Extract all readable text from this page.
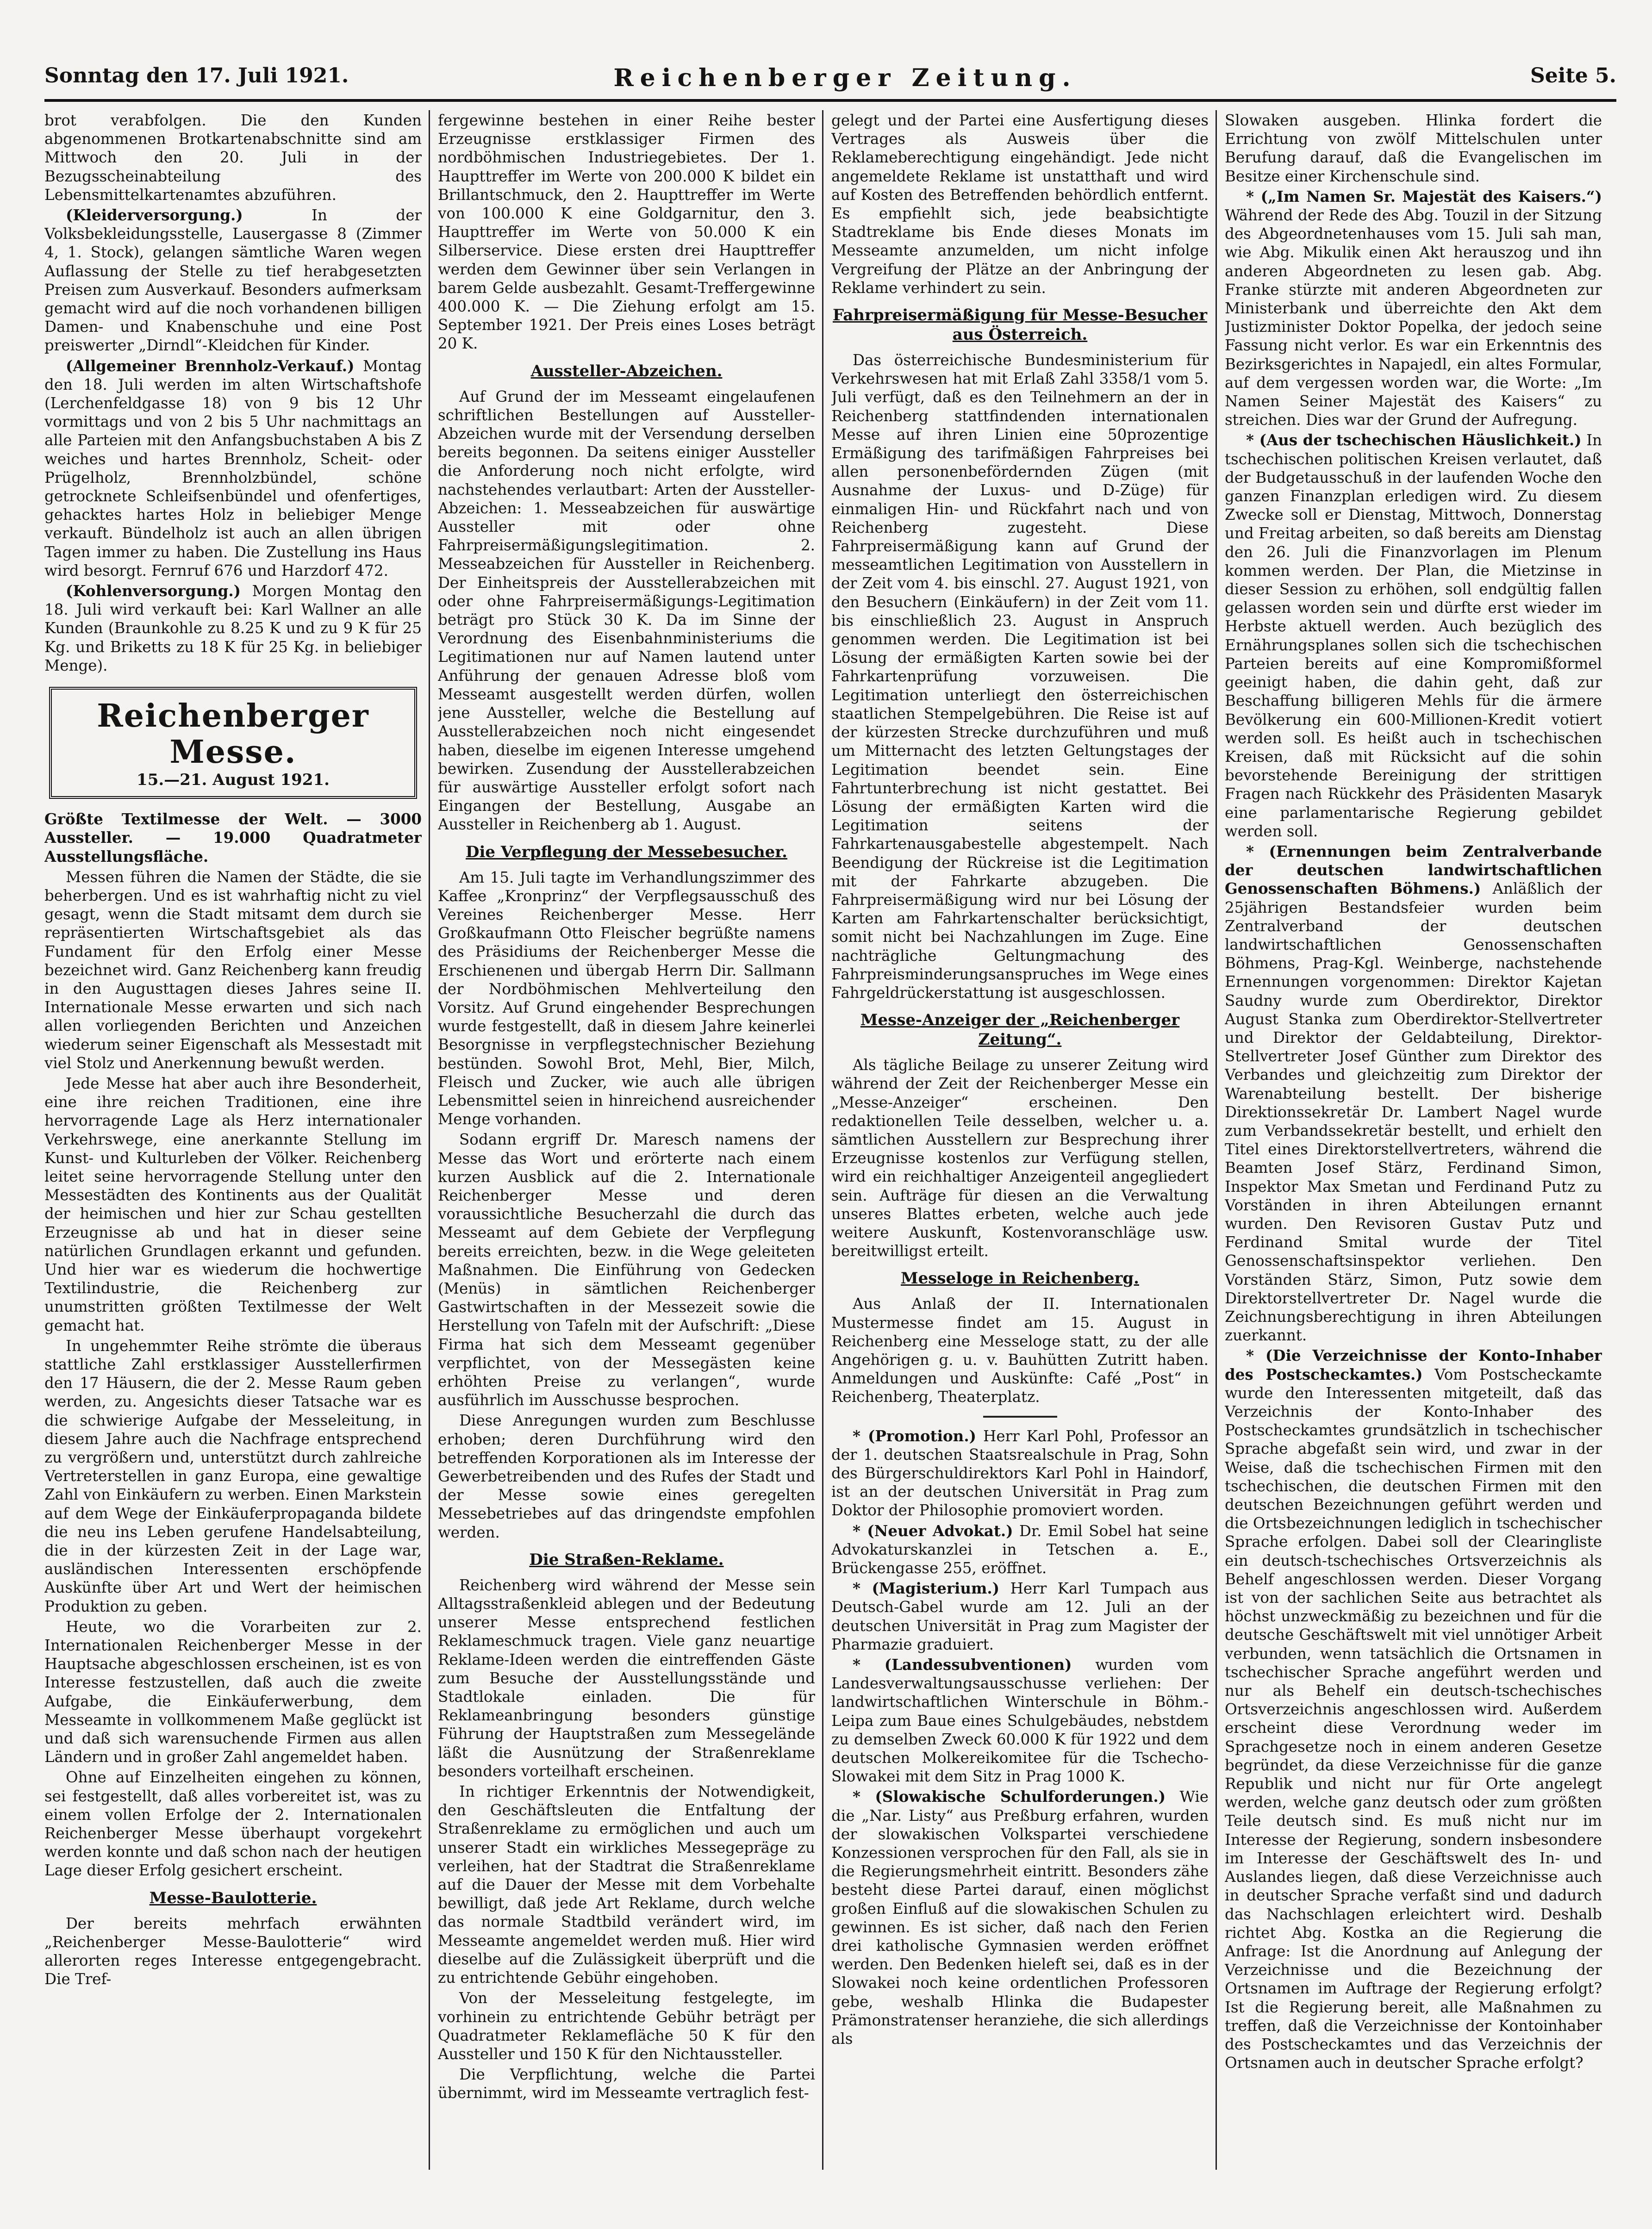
Sonntag den 17. Juli 1921.	Reichenberger Zeitung.	Seite 5.

brot verabfolgen. Die den Kunden abgenommenen Brotkartenabschnitte sind am Mittwoch den 20. Juli in der Bezugsscheinabteilung des Lebensmittelkartenamtes abzuführen.

(Kleiderversorgung.)	In der Volksbekleidungsstelle, Lausergasse 8 (Zimmer 4, 1. Stock), gelangen sämtliche Waren wegen Auflassung der Stelle zu tief herabgesetzten Preisen zum Ausverkauf. Besonders aufmerksam gemacht wird auf die noch vorhandenen billigen Damen- und Knabenschuhe und eine Post preiswerter „Dirndl“-Kleidchen für Kinder.

(Allgemeiner Brennholz-Verkauf.) Montag den 18. Juli werden im alten Wirtschaftshofe (Lerchenfeldgasse 18) von 9 bis 12 Uhr vormittags und von 2 bis 5 Uhr nachmittags an alle Parteien mit den Anfangsbuchstaben A bis Z weiches und hartes Brennholz, Scheit- oder Prügelholz, Brennholzbündel, schöne getrocknete Schleifsenbündel und ofenfertiges, gehacktes hartes Holz in beliebiger Menge verkauft. Bündelholz ist auch an allen übrigen Tagen immer zu haben. Die Zustellung ins Haus wird besorgt. Fernruf 676 und Harzdorf 472.

(Kohlenversorgung.) Morgen Montag den 18. Juli wird verkauft bei: Karl Wallner an alle Kunden (Braunkohle zu 8.25 K und zu 9 K für 25 Kg. und Briketts zu 18 K für 25 Kg. in beliebiger Menge).

Reichenberger Messe.
15.—21. August 1921.

Größte Textilmesse der Welt. — 3000 Aussteller. — 19.000 Quadratmeter Ausstellungsfläche.

Messen führen die Namen der Städte, die sie beherbergen. Und es ist wahrhaftig nicht zu viel gesagt, wenn die Stadt mitsamt dem durch sie repräsentierten Wirtschaftsgebiet als das Fundament für den Erfolg einer Messe bezeichnet wird. Ganz Reichenberg kann freudig in den Augusttagen dieses Jahres seine II. Internationale Messe erwarten und sich nach allen vorliegenden Berichten und Anzeichen wiederum seiner Eigenschaft als Messestadt mit viel Stolz und Anerkennung bewußt werden.

Jede Messe hat aber auch ihre Besonderheit, eine ihre reichen Traditionen, eine ihre hervorragende Lage als Herz internationaler Verkehrswege, eine anerkannte Stellung im Kunst- und Kulturleben der Völker. Reichenberg leitet seine hervorragende Stellung unter den Messestädten des Kontinents aus der Qualität der heimischen und hier zur Schau gestellten Erzeugnisse ab und hat in dieser seine natürlichen Grundlagen erkannt und gefunden. Und hier war es wiederum die hochwertige Textilindustrie, die Reichenberg zur unumstritten größten Textilmesse der Welt gemacht hat.

In ungehemmter Reihe strömte die überaus stattliche Zahl erstklassiger Ausstellerfirmen den 17 Häusern, die der 2. Messe Raum geben werden, zu. Angesichts dieser Tatsache war es die schwierige Aufgabe der Messeleitung, in diesem Jahre auch die Nachfrage entsprechend zu vergrößern und, unterstützt durch zahlreiche Vertreterstellen in ganz Europa, eine gewaltige Zahl von Einkäufern zu werben. Einen Markstein auf dem Wege der Einkäuferpropaganda bildete die neu ins Leben gerufene Handelsabteilung, die in der kürzesten Zeit in der Lage war, ausländischen Interessenten erschöpfende Auskünfte über Art und Wert der heimischen Produktion zu geben.

Heute, wo die Vorarbeiten zur 2. Internationalen Reichenberger Messe in der Hauptsache abgeschlossen erscheinen, ist es von Interesse festzustellen, daß auch die zweite Aufgabe, die Einkäuferwerbung, dem Messeamte in vollkommenem Maße geglückt ist und daß sich warensuchende Firmen aus allen Ländern und in großer Zahl angemeldet haben.

Ohne auf Einzelheiten eingehen zu können, sei festgestellt, daß alles vorbereitet ist, was zu einem vollen Erfolge der 2. Internationalen Reichenberger Messe überhaupt vorgekehrt werden konnte und daß schon nach der heutigen Lage dieser Erfolg gesichert erscheint.

Messe-Baulotterie.

Der bereits mehrfach erwähnten „Reichenberger Messe-Baulotterie“ wird allerorten reges Interesse entgegengebracht. Die Tref-

fergewinne bestehen in einer Reihe bester Erzeugnisse erstklassiger Firmen des nordböhmischen Industriegebietes. Der 1. Haupttreffer im Werte von 200.000 K bildet ein Brillantschmuck, den 2. Haupttreffer im Werte von 100.000 K eine Goldgarnitur, den 3. Haupttreffer im Werte von 50.000 K ein Silberservice. Diese ersten drei Haupttreffer werden dem Gewinner über sein Verlangen in barem Gelde ausbezahlt. Gesamt-Treffergewinne 400.000 K. — Die Ziehung erfolgt am 15. September 1921. Der Preis eines Loses beträgt 20 K.

Aussteller-Abzeichen.

Auf Grund der im Messeamt eingelaufenen schriftlichen Bestellungen auf Aussteller-Abzeichen wurde mit der Versendung derselben bereits begonnen. Da seitens einiger Aussteller die Anforderung noch nicht erfolgte, wird nachstehendes verlautbart: Arten der Aussteller-Abzeichen: 1. Messeabzeichen für auswärtige Aussteller mit oder ohne Fahrpreisermäßigungslegitimation. 2. Messeabzeichen für Aussteller in Reichenberg. Der Einheitspreis der Ausstellerabzeichen mit oder ohne Fahrpreisermäßigungs-Legitimation beträgt pro Stück 30 K. Da im Sinne der Verordnung des Eisenbahnministeriums die Legitimationen nur auf Namen lautend unter Anführung der genauen Adresse bloß vom Messeamt ausgestellt werden dürfen, wollen jene Aussteller, welche die Bestellung auf Ausstellerabzeichen noch nicht eingesendet haben, dieselbe im eigenen Interesse umgehend bewirken. Zusendung der Ausstellerabzeichen für auswärtige Aussteller erfolgt sofort nach Eingangen der Bestellung, Ausgabe an Aussteller in Reichenberg ab 1. August.

Die Verpflegung der Messebesucher.

Am 15. Juli tagte im Verhandlungszimmer des Kaffee „Kronprinz“ der Verpflegsausschuß des Vereines Reichenberger Messe. Herr Großkaufmann Otto Fleischer begrüßte namens des Präsidiums der Reichenberger Messe die Erschienenen und übergab Herrn Dir. Sallmann der Nordböhmischen Mehlverteilung den Vorsitz. Auf Grund eingehender Besprechungen wurde festgestellt, daß in diesem Jahre keinerlei Besorgnisse in verpflegstechnischer Beziehung bestünden. Sowohl Brot, Mehl, Bier, Milch, Fleisch und Zucker, wie auch alle übrigen Lebensmittel seien in hinreichend ausreichender Menge vorhanden.

Sodann ergriff Dr. Maresch namens der Messe das Wort und erörterte nach einem kurzen Ausblick auf die 2. Internationale Reichenberger Messe und deren voraussichtliche Besucherzahl die durch das Messeamt auf dem Gebiete der Verpflegung bereits erreichten, bezw. in die Wege geleiteten Maßnahmen. Die Einführung von Gedecken (Menüs) in sämtlichen Reichenberger Gastwirtschaften in der Messezeit sowie die Herstellung von Tafeln mit der Aufschrift: „Diese Firma hat sich dem Messeamt gegenüber verpflichtet, von der Messegästen keine erhöhten Preise zu verlangen“, wurde ausführlich im Ausschusse besprochen.

Diese Anregungen wurden zum Beschlusse erhoben; deren Durchführung wird den betreffenden Korporationen als im Interesse der Gewerbetreibenden und des Rufes der Stadt und der Messe sowie eines geregelten Messebetriebes auf das dringendste empfohlen werden.

Die Straßen-Reklame.

Reichenberg wird während der Messe sein Alltagsstraßenkleid ablegen und der Bedeutung unserer Messe entsprechend festlichen Reklameschmuck tragen. Viele ganz neuartige Reklame-Ideen werden die eintreffenden Gäste zum Besuche der Ausstellungsstände und Stadtlokale einladen. Die für Reklameanbringung besonders günstige Führung der Hauptstraßen zum Messegelände läßt die Ausnützung der Straßenreklame besonders vorteilhaft erscheinen.

In richtiger Erkenntnis der Notwendigkeit, den Geschäftsleuten die Entfaltung der Straßenreklame zu ermöglichen und auch um unserer Stadt ein wirkliches Messegepräge zu verleihen, hat der Stadtrat die Straßenreklame auf die Dauer der Messe mit dem Vorbehalte bewilligt, daß jede Art Reklame, durch welche das normale Stadtbild verändert wird, im Messeamte angemeldet werden muß. Hier wird dieselbe auf die Zulässigkeit überprüft und die zu entrichtende Gebühr eingehoben.

Von der Messeleitung festgelegte, im vorhinein zu entrichtende Gebühr beträgt per Quadratmeter Reklamefläche 50 K für den Aussteller und 150 K für den Nichtaussteller.

Die Verpflichtung, welche die Partei übernimmt, wird im Messeamte vertraglich fest-

gelegt und der Partei eine Ausfertigung dieses Vertrages als Ausweis über die Reklameberechtigung eingehändigt. Jede nicht angemeldete Reklame ist unstatthaft und wird auf Kosten des Betreffenden behördlich entfernt. Es empfiehlt sich, jede beabsichtigte Stadtreklame bis Ende dieses Monats im Messeamte anzumelden, um nicht infolge Vergreifung der Plätze an der Anbringung der Reklame verhindert zu sein.

Fahrpreisermäßigung für Messe-Besucher aus Österreich.

Das österreichische Bundesministerium für Verkehrswesen hat mit Erlaß Zahl 3358/1 vom 5. Juli verfügt, daß es den Teilnehmern an der in Reichenberg stattfindenden internationalen Messe auf ihren Linien eine 50prozentige Ermäßigung des tarifmäßigen Fahrpreises bei allen personenbefördernden Zügen (mit Ausnahme der Luxus- und D-Züge) für einmaligen Hin- und Rückfahrt nach und von Reichenberg zugesteht. Diese Fahrpreisermäßigung kann auf Grund der messeamtlichen Legitimation von Ausstellern in der Zeit vom 4. bis einschl. 27. August 1921, von den Besuchern (Einkäufern) in der Zeit vom 11. bis einschließlich 23. August in Anspruch genommen werden. Die Legitimation ist bei Lösung der ermäßigten Karten sowie bei der Fahrkartenprüfung vorzuweisen. Die Legitimation unterliegt den österreichischen staatlichen Stempelgebühren. Die Reise ist auf der kürzesten Strecke durchzuführen und muß um Mitternacht des letzten Geltungstages der Legitimation beendet sein. Eine Fahrtunterbrechung ist nicht gestattet. Bei Lösung der ermäßigten Karten wird die Legitimation seitens der Fahrkartenausgabestelle abgestempelt. Nach Beendigung der Rückreise ist die Legitimation mit der Fahrkarte abzugeben. Die Fahrpreisermäßigung wird nur bei Lösung der Karten am Fahrkartenschalter berücksichtigt, somit nicht bei Nachzahlungen im Zuge. Eine nachträgliche Geltungmachung des Fahrpreisminderungsanspruches im Wege eines Fahrgeldrückerstattung ist ausgeschlossen.

Messe-Anzeiger der „Reichenberger Zeitung“.

Als tägliche Beilage zu unserer Zeitung wird während der Zeit der Reichenberger Messe ein „Messe-Anzeiger“ erscheinen. Den redaktionellen Teile desselben, welcher u. a. sämtlichen Ausstellern zur Besprechung ihrer Erzeugnisse kostenlos zur Verfügung stellen, wird ein reichhaltiger Anzeigenteil angegliedert sein. Aufträge für diesen an die Verwaltung unseres Blattes erbeten, welche auch jede weitere Auskunft, Kostenvoranschläge usw. bereitwilligst erteilt.

Messeloge in Reichenberg.

Aus Anlaß der II. Internationalen Mustermesse findet am 15. August in Reichenberg eine Messeloge statt, zu der alle Angehörigen g. u. v. Bauhütten Zutritt haben. Anmeldungen und Auskünfte: Café „Post“ in Reichenberg, Theaterplatz.

* (Promotion.) Herr Karl Pohl, Professor an der 1. deutschen Staatsrealschule in Prag, Sohn des Bürgerschuldirektors Karl Pohl in Haindorf, ist an der deutschen Universität in Prag zum Doktor der Philosophie promoviert worden.

* (Neuer Advokat.) Dr. Emil Sobel hat seine Advokaturskanzlei in Tetschen a. E., Brückengasse 255, eröffnet.

* (Magisterium.) Herr Karl Tumpach aus Deutsch-Gabel wurde am 12. Juli an der deutschen Universität in Prag zum Magister der Pharmazie graduiert.

* (Landessubventionen) wurden vom Landesverwaltungsausschusse verliehen: Der landwirtschaftlichen Winterschule in Böhm.-Leipa zum Baue eines Schulgebäudes, nebstdem zu demselben Zweck 60.000 K für 1922 und dem deutschen Molkereikomitee für die Tschecho-Slowakei mit dem Sitz in Prag 1000 K.

* (Slowakische Schulforderungen.) Wie die „Nar. Listy“ aus Preßburg erfahren, wurden der slowakischen Volkspartei verschiedene Konzessionen versprochen für den Fall, als sie in die Regierungsmehrheit eintritt. Besonders zähe besteht diese Partei darauf, einen möglichst großen Einfluß auf die slowakischen Schulen zu gewinnen. Es ist sicher, daß nach den Ferien drei katholische Gymnasien werden eröffnet werden. Den Bedenken hieleft sei, daß es in der Slowakei noch keine ordentlichen Professoren gebe, weshalb Hlinka die Budapester Prämonstratenser heranziehe, die sich allerdings als

Slowaken ausgeben. Hlinka fordert die Errichtung von zwölf Mittelschulen unter Berufung darauf, daß die Evangelischen im Besitze einer Kirchenschule sind.

* („Im Namen Sr. Majestät des Kaisers.“) Während der Rede des Abg. Touzil in der Sitzung des Abgeordnetenhauses vom 15. Juli sah man, wie Abg. Mikulik einen Akt herauszog und ihn anderen Abgeordneten zu lesen gab. Abg. Franke stürzte mit anderen Abgeordneten zur Ministerbank und überreichte den Akt dem Justizminister Doktor Popelka, der jedoch seine Fassung nicht verlor. Es war ein Erkenntnis des Bezirksgerichtes in Napajedl, ein altes Formular, auf dem vergessen worden war, die Worte: „Im Namen Seiner Majestät des Kaisers“ zu streichen. Dies war der Grund der Aufregung.

* (Aus der tschechischen Häuslichkeit.) In tschechischen politischen Kreisen verlautet, daß der Budgetausschuß in der laufenden Woche den ganzen Finanzplan erledigen wird. Zu diesem Zwecke soll er Dienstag, Mittwoch, Donnerstag und Freitag arbeiten, so daß bereits am Dienstag den 26. Juli die Finanzvorlagen im Plenum kommen werden. Der Plan, die Mietzinse in dieser Session zu erhöhen, soll endgültig fallen gelassen worden sein und dürfte erst wieder im Herbste aktuell werden. Auch bezüglich des Ernährungsplanes sollen sich die tschechischen Parteien bereits auf eine Kompromißformel geeinigt haben, die dahin geht, daß zur Beschaffung billigeren Mehls für die ärmere Bevölkerung ein 600-Millionen-Kredit votiert werden soll. Es heißt auch in tschechischen Kreisen, daß mit Rücksicht auf die sohin bevorstehende Bereinigung der strittigen Fragen nach Rückkehr des Präsidenten Masaryk eine parlamentarische Regierung gebildet werden soll.

* (Ernennungen beim Zentralverbande der deutschen landwirtschaftlichen Genossenschaften Böhmens.) Anläßlich der 25jährigen Bestandsfeier wurden beim Zentralverband der deutschen landwirtschaftlichen Genossenschaften Böhmens, Prag-Kgl. Weinberge, nachstehende Ernennungen vorgenommen: Direktor Kajetan Saudny wurde zum Oberdirektor, Direktor August Stanka zum Oberdirektor-Stellvertreter und Direktor der Geldabteilung, Direktor-Stellvertreter Josef Günther zum Direktor des Verbandes und gleichzeitig zum Direktor der Warenabteilung bestellt. Der bisherige Direktionssekretär Dr. Lambert Nagel wurde zum Verbandssekretär bestellt, und erhielt den Titel eines Direktorstellvertreters, während die Beamten Josef Stärz, Ferdinand Simon, Inspektor Max Smetan und Ferdinand Putz zu Vorständen in ihren Abteilungen ernannt wurden. Den Revisoren Gustav Putz und Ferdinand Smital wurde der Titel Genossenschaftsinspektor verliehen. Den Vorständen Stärz, Simon, Putz sowie dem Direktorstellvertreter Dr. Nagel wurde die Zeichnungsberechtigung in ihren Abteilungen zuerkannt.

* (Die Verzeichnisse der Konto-Inhaber des Postscheckamtes.) Vom Postscheckamte wurde den Interessenten mitgeteilt, daß das Verzeichnis der Konto-Inhaber des Postscheckamtes grundsätzlich in tschechischer Sprache abgefaßt sein wird, und zwar in der Weise, daß die tschechischen Firmen mit den tschechischen, die deutschen Firmen mit den deutschen Bezeichnungen geführt werden und die Ortsbezeichnungen lediglich in tschechischer Sprache erfolgen. Dabei soll der Clearingliste ein deutsch-tschechisches Ortsverzeichnis als Behelf angeschlossen werden. Dieser Vorgang ist von der sachlichen Seite aus betrachtet als höchst unzweckmäßig zu bezeichnen und für die deutsche Geschäftswelt mit viel unnötiger Arbeit verbunden, wenn tatsächlich die Ortsnamen in tschechischer Sprache angeführt werden und nur als Behelf ein deutsch-tschechisches Ortsverzeichnis angeschlossen wird. Außerdem erscheint diese Verordnung weder im Sprachgesetze noch in einem anderen Gesetze begründet, da diese Verzeichnisse für die ganze Republik und nicht nur für Orte angelegt werden, welche ganz deutsch oder zum größten Teile deutsch sind. Es muß nicht nur im Interesse der Regierung, sondern insbesondere im Interesse der Geschäftswelt des In- und Auslandes liegen, daß diese Verzeichnisse auch in deutscher Sprache verfaßt sind und dadurch das Nachschlagen erleichtert wird. Deshalb richtet Abg. Kostka an die Regierung die Anfrage: Ist die Anordnung auf Anlegung der Verzeichnisse und die Bezeichnung der Ortsnamen im Auftrage der Regierung erfolgt? Ist die Regierung bereit, alle Maßnahmen zu treffen, daß die Verzeichnisse der Kontoinhaber des Postscheckamtes und das Verzeichnis der Ortsnamen auch in deutscher Sprache erfolgt?
